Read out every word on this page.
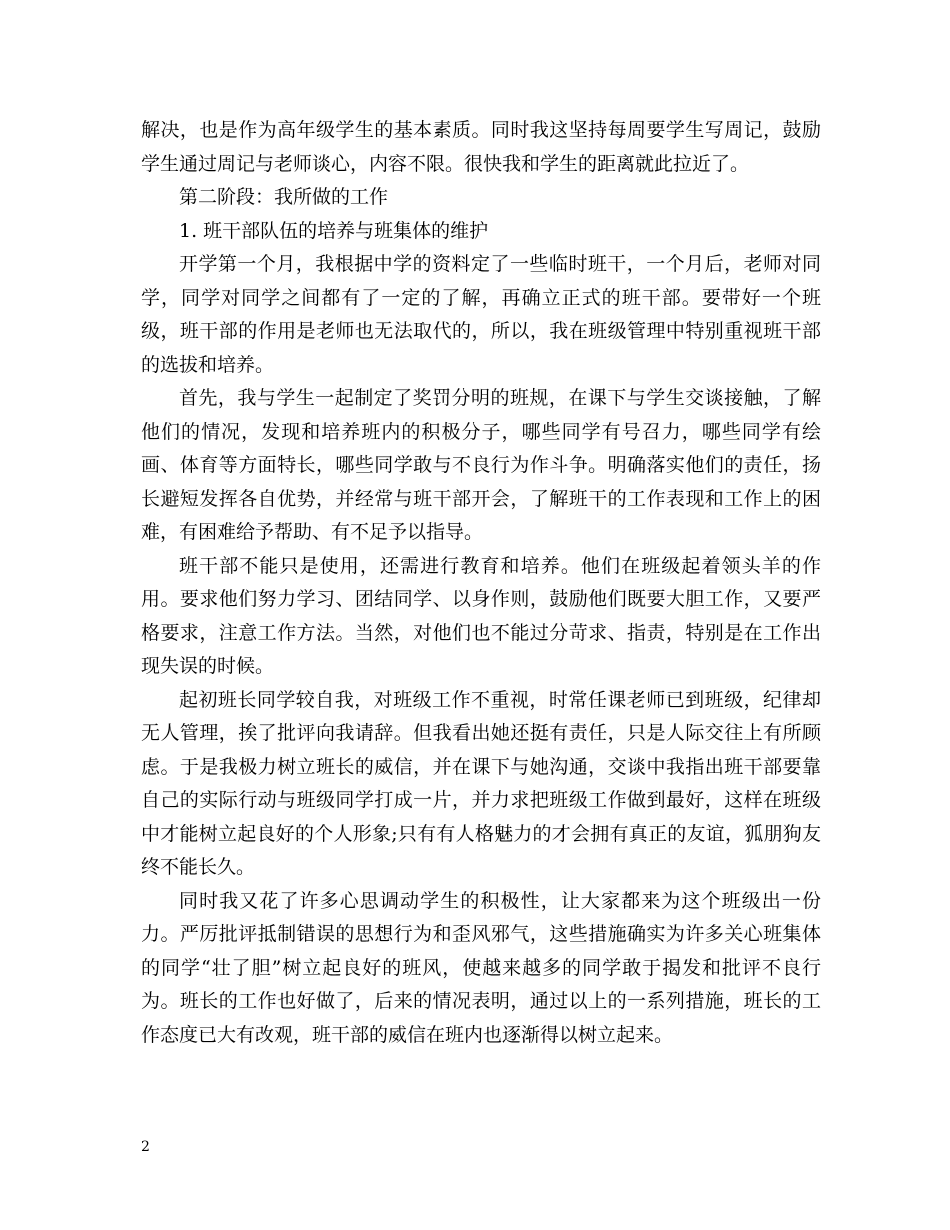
解决，也是作为高年级学生的基本素质。同时我这坚持每周要学生写周记，鼓励学生通过周记与老师谈心，内容不限。很快我和学生的距离就此拉近了。

第二阶段：我所做的工作

1. 班干部队伍的培养与班集体的维护

开学第一个月，我根据中学的资料定了一些临时班干，一个月后，老师对同学，同学对同学之间都有了一定的了解，再确立正式的班干部。要带好一个班级，班干部的作用是老师也无法取代的，所以，我在班级管理中特别重视班干部的选拔和培养。

首先，我与学生一起制定了奖罚分明的班规，在课下与学生交谈接触，了解他们的情况，发现和培养班内的积极分子，哪些同学有号召力，哪些同学有绘画、体育等方面特长，哪些同学敢与不良行为作斗争。明确落实他们的责任，扬长避短发挥各自优势，并经常与班干部开会，了解班干的工作表现和工作上的困难，有困难给予帮助、有不足予以指导。

班干部不能只是使用，还需进行教育和培养。他们在班级起着领头羊的作用。要求他们努力学习、团结同学、以身作则，鼓励他们既要大胆工作，又要严格要求，注意工作方法。当然，对他们也不能过分苛求、指责，特别是在工作出现失误的时候。

起初班长同学较自我，对班级工作不重视，时常任课老师已到班级，纪律却无人管理，挨了批评向我请辞。但我看出她还挺有责任，只是人际交往上有所顾虑。于是我极力树立班长的威信，并在课下与她沟通，交谈中我指出班干部要靠自己的实际行动与班级同学打成一片，并力求把班级工作做到最好，这样在班级中才能树立起良好的个人形象;只有有人格魅力的才会拥有真正的友谊，狐朋狗友终不能长久。

同时我又花了许多心思调动学生的积极性，让大家都来为这个班级出一份力。严厉批评抵制错误的思想行为和歪风邪气，这些措施确实为许多关心班集体的同学“壮了胆”树立起良好的班风，使越来越多的同学敢于揭发和批评不良行为。班长的工作也好做了，后来的情况表明，通过以上的一系列措施，班长的工作态度已大有改观，班干部的威信在班内也逐渐得以树立起来。

2
